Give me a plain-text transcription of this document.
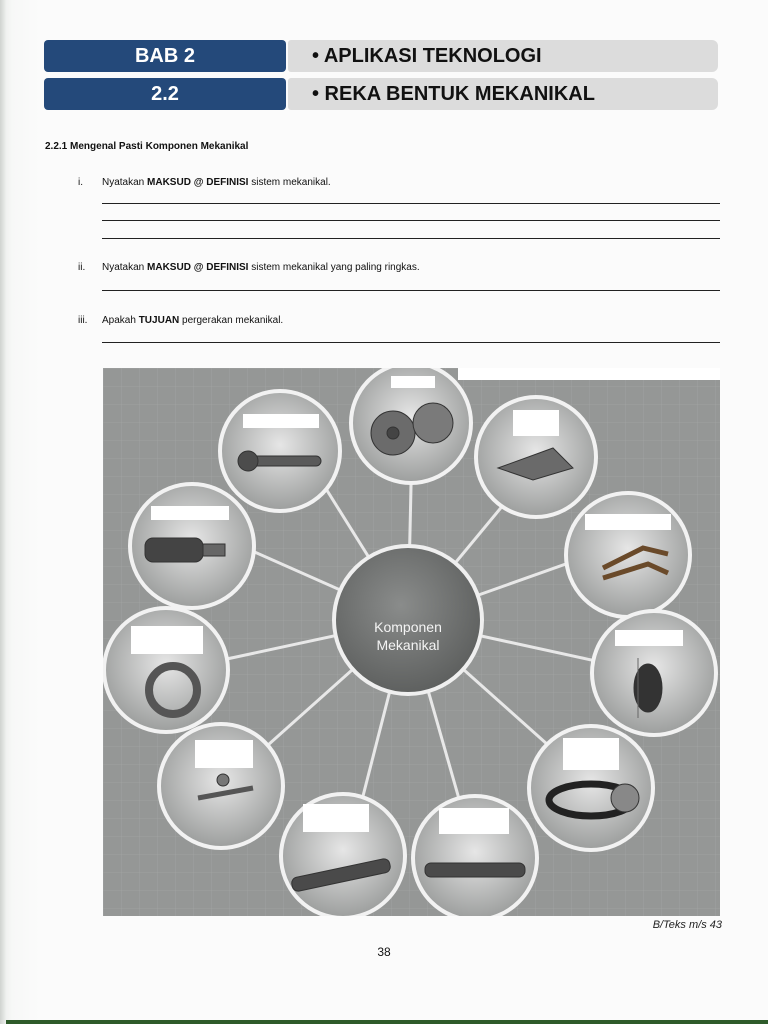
BAB 2	• APLIKASI TEKNOLOGI
2.2	• REKA BENTUK MEKANIKAL
2.2.1 Mengenal Pasti Komponen Mekanikal
i. Nyatakan MAKSUD @ DEFINISI sistem mekanikal.
ii. Nyatakan MAKSUD @ DEFINISI sistem mekanikal yang paling ringkas.
iii. Apakah TUJUAN pergerakan mekanikal.
Komponen
Mekanikal
B/Teks m/s 43
38
